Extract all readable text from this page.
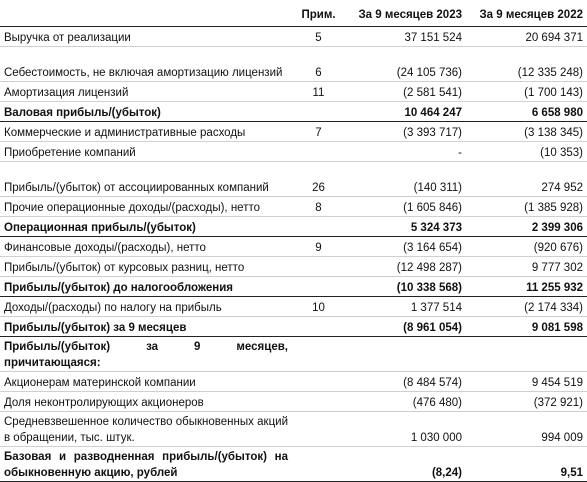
	Прим.	За 9 месяцев 2023	За 9 месяцев 2022
Выручка от реализации	5	37 151 524	20 694 371
Себестоимость, не включая амортизацию лицензий	6	(24 105 736)	(12 335 248)
Амортизация лицензий	11	(2 581 541)	(1 700 143)
Валовая прибыль/(убыток)		10 464 247	6 658 980
Коммерческие и административные расходы	7	(3 393 717)	(3 138 345)
Приобретение компаний		-	(10 353)
Прибыль/(убыток) от ассоциированных компаний	26	(140 311)	274 952
Прочие операционные доходы/(расходы), нетто	8	(1 605 846)	(1 385 928)
Операционная прибыль/(убыток)		5 324 373	2 399 306
Финансовые доходы/(расходы), нетто	9	(3 164 654)	(920 676)
Прибыль/(убыток) от курсовых разниц, нетто		(12 498 287)	9 777 302
Прибыль/(убыток) до налогообложения		(10 338 568)	11 255 932
Доходы/(расходы) по налогу на прибыль	10	1 377 514	(2 174 334)
Прибыль/(убыток) за 9 месяцев		(8 961 054)	9 081 598
Прибыль/(убыток) за 9 месяцев, причитающаяся:			
Акционерам материнской компании		(8 484 574)	9 454 519
Доля неконтролирующих акционеров		(476 480)	(372 921)
Средневзвешенное количество обыкновенных акций в обращении, тыс. штук.		1 030 000	994 009
Базовая и разводненная прибыль/(убыток) на обыкновенную акцию, рублей		(8,24)	9,51
